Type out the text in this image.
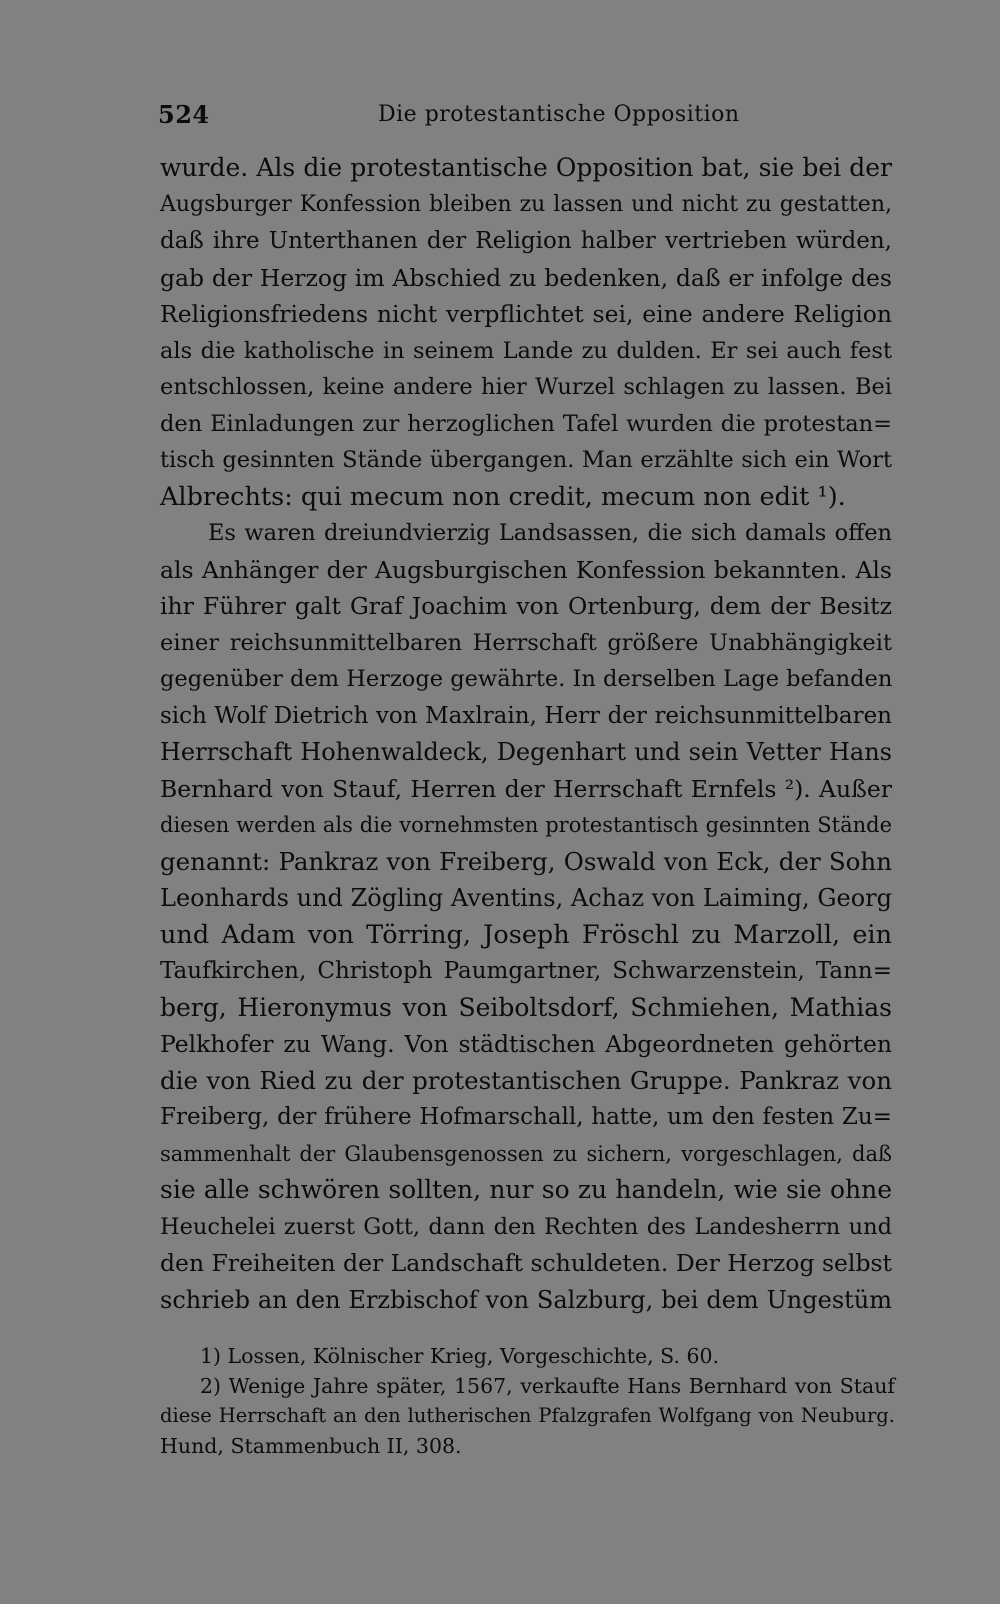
524	Die protestantische Opposition
wurde. Als die protestantische Opposition bat, sie bei der
Augsburger Konfession bleiben zu lassen und nicht zu gestatten,
daß ihre Unterthanen der Religion halber vertrieben würden,
gab der Herzog im Abschied zu bedenken, daß er infolge des
Religionsfriedens nicht verpflichtet sei, eine andere Religion
als die katholische in seinem Lande zu dulden. Er sei auch fest
entschlossen, keine andere hier Wurzel schlagen zu lassen. Bei
den Einladungen zur herzoglichen Tafel wurden die protestan=
tisch gesinnten Stände übergangen. Man erzählte sich ein Wort
Albrechts: qui mecum non credit, mecum non edit ¹).
Es waren dreiundvierzig Landsassen, die sich damals offen
als Anhänger der Augsburgischen Konfession bekannten. Als
ihr Führer galt Graf Joachim von Ortenburg, dem der Besitz
einer reichsunmittelbaren Herrschaft größere Unabhängigkeit
gegenüber dem Herzoge gewährte. In derselben Lage befanden
sich Wolf Dietrich von Maxlrain, Herr der reichsunmittelbaren
Herrschaft Hohenwaldeck, Degenhart und sein Vetter Hans
Bernhard von Stauf, Herren der Herrschaft Ernfels ²). Außer
diesen werden als die vornehmsten protestantisch gesinnten Stände
genannt: Pankraz von Freiberg, Oswald von Eck, der Sohn
Leonhards und Zögling Aventins, Achaz von Laiming, Georg
und Adam von Törring, Joseph Fröschl zu Marzoll, ein
Taufkirchen, Christoph Paumgartner, Schwarzenstein, Tann=
berg, Hieronymus von Seiboltsdorf, Schmiehen, Mathias
Pelkhofer zu Wang. Von städtischen Abgeordneten gehörten
die von Ried zu der protestantischen Gruppe. Pankraz von
Freiberg, der frühere Hofmarschall, hatte, um den festen Zu=
sammenhalt der Glaubensgenossen zu sichern, vorgeschlagen, daß
sie alle schwören sollten, nur so zu handeln, wie sie ohne
Heuchelei zuerst Gott, dann den Rechten des Landesherrn und
den Freiheiten der Landschaft schuldeten. Der Herzog selbst
schrieb an den Erzbischof von Salzburg, bei dem Ungestüm
1) Lossen, Kölnischer Krieg, Vorgeschichte, S. 60.
2) Wenige Jahre später, 1567, verkaufte Hans Bernhard von Stauf
diese Herrschaft an den lutherischen Pfalzgrafen Wolfgang von Neuburg.
Hund, Stammenbuch II, 308.
